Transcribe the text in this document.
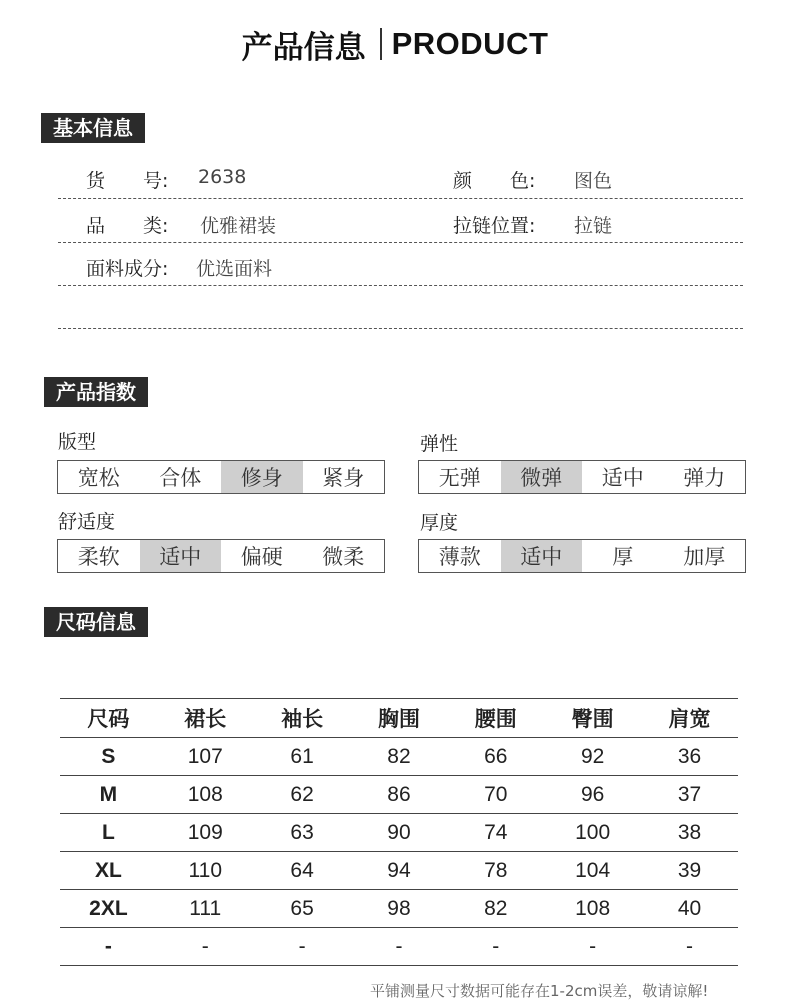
产品信息 PRODUCT
基本信息
货　　号: 2638	颜　　色: 图色
品　　类: 优雅裙装	拉链位置: 拉链
面料成分: 优选面料
产品指数
版型
宽松	合体	修身	紧身
弹性
无弹	微弹	适中	弹力
舒适度
柔软	适中	偏硬	微柔
厚度
薄款	适中	厚	加厚
尺码信息
尺码	裙长	袖长	胸围	腰围	臀围	肩宽
S	107	61	82	66	92	36
M	108	62	86	70	96	37
L	109	63	90	74	100	38
XL	110	64	94	78	104	39
2XL	111	65	98	82	108	40
-	-	-	-	-	-	-
平铺测量尺寸数据可能存在1-2cm误差，敬请谅解!
